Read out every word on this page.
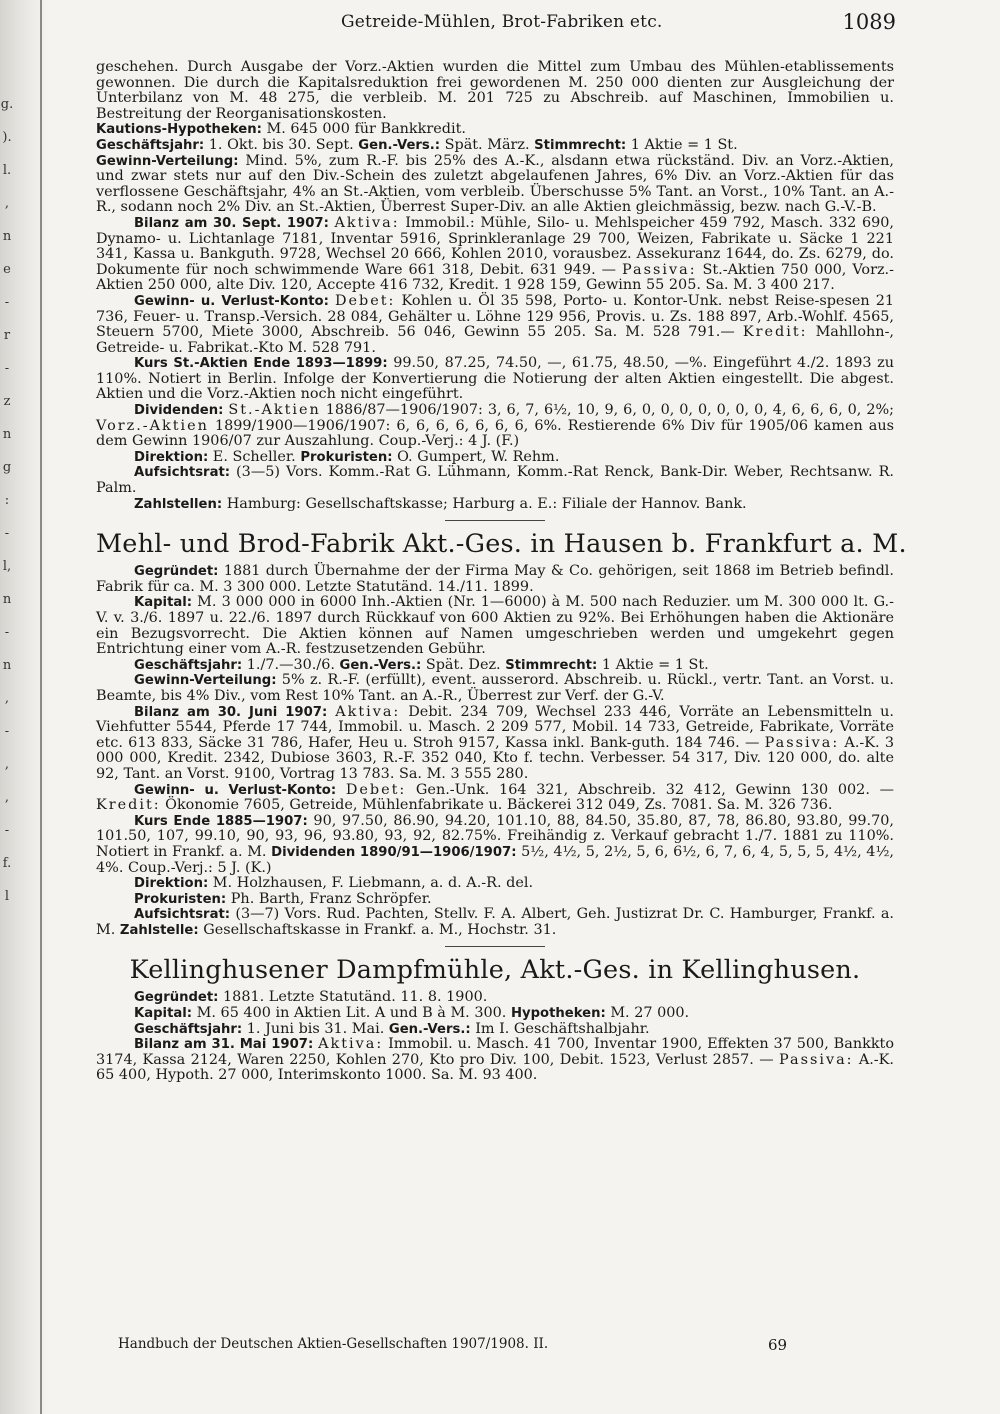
g.
).
l.
,
n
e
-
r
-
z
n
g
:
-
l,
n
-
n
,
-
,
,
-
f.
l
Getreide-Mühlen, Brot-Fabriken etc.	1089

geschehen. Durch Ausgabe der Vorz.-Aktien wurden die Mittel zum Umbau des Mühlen-etablissements gewonnen. Die durch die Kapitalsreduktion frei gewordenen M. 250 000 dienten zur Ausgleichung der Unterbilanz von M. 48 275, die verbleib. M. 201 725 zu Abschreib. auf Maschinen, Immobilien u. Bestreitung der Reorganisationskosten.

Kautions-Hypotheken: M. 645 000 für Bankkredit.

Geschäftsjahr: 1. Okt. bis 30. Sept. Gen.-Vers.: Spät. März. Stimmrecht: 1 Aktie = 1 St.

Gewinn-Verteilung: Mind. 5%, zum R.-F. bis 25% des A.-K., alsdann etwa rückständ. Div. an Vorz.-Aktien, und zwar stets nur auf den Div.-Schein des zuletzt abgelaufenen Jahres, 6% Div. an Vorz.-Aktien für das verflossene Geschäftsjahr, 4% an St.-Aktien, vom verbleib. Überschusse 5% Tant. an Vorst., 10% Tant. an A.-R., sodann noch 2% Div. an St.-Aktien, Überrest Super-Div. an alle Aktien gleichmässig, bezw. nach G.-V.-B.

Bilanz am 30. Sept. 1907: Aktiva: Immobil.: Mühle, Silo- u. Mehlspeicher 459 792, Masch. 332 690, Dynamo- u. Lichtanlage 7181, Inventar 5916, Sprinkleranlage 29 700, Weizen, Fabrikate u. Säcke 1 221 341, Kassa u. Bankguth. 9728, Wechsel 20 666, Kohlen 2010, vorausbez. Assekuranz 1644, do. Zs. 6279, do. Dokumente für noch schwimmende Ware 661 318, Debit. 631 949. — Passiva: St.-Aktien 750 000, Vorz.-Aktien 250 000, alte Div. 120, Accepte 416 732, Kredit. 1 928 159, Gewinn 55 205. Sa. M. 3 400 217.

Gewinn- u. Verlust-Konto: Debet: Kohlen u. Öl 35 598, Porto- u. Kontor-Unk. nebst Reise-spesen 21 736, Feuer- u. Transp.-Versich. 28 084, Gehälter u. Löhne 129 956, Provis. u. Zs. 188 897, Arb.-Wohlf. 4565, Steuern 5700, Miete 3000, Abschreib. 56 046, Gewinn 55 205. Sa. M. 528 791.— Kredit: Mahllohn-, Getreide- u. Fabrikat.-Kto M. 528 791.

Kurs St.-Aktien Ende 1893—1899: 99.50, 87.25, 74.50, —, 61.75, 48.50, —%. Eingeführt 4./2. 1893 zu 110%. Notiert in Berlin. Infolge der Konvertierung die Notierung der alten Aktien eingestellt. Die abgest. Aktien und die Vorz.-Aktien noch nicht eingeführt.

Dividenden: St.-Aktien 1886/87—1906/1907: 3, 6, 7, 6½, 10, 9, 6, 0, 0, 0, 0, 0, 0, 0, 4, 6, 6, 6, 0, 2%; Vorz.-Aktien 1899/1900—1906/1907: 6, 6, 6, 6, 6, 6, 6, 6%. Restierende 6% Div für 1905/06 kamen aus dem Gewinn 1906/07 zur Auszahlung. Coup.-Verj.: 4 J. (F.)

Direktion: E. Scheller. Prokuristen: O. Gumpert, W. Rehm.

Aufsichtsrat: (3—5) Vors. Komm.-Rat G. Lühmann, Komm.-Rat Renck, Bank-Dir. Weber, Rechtsanw. R. Palm.

Zahlstellen: Hamburg: Gesellschaftskasse; Harburg a. E.: Filiale der Hannov. Bank.

Mehl- und Brod-Fabrik Akt.-Ges. in Hausen b. Frankfurt a. M.

Gegründet: 1881 durch Übernahme der der Firma May & Co. gehörigen, seit 1868 im Betrieb befindl. Fabrik für ca. M. 3 300 000. Letzte Statutänd. 14./11. 1899.

Kapital: M. 3 000 000 in 6000 Inh.-Aktien (Nr. 1—6000) à M. 500 nach Reduzier. um M. 300 000 lt. G.-V. v. 3./6. 1897 u. 22./6. 1897 durch Rückkauf von 600 Aktien zu 92%. Bei Erhöhungen haben die Aktionäre ein Bezugsvorrecht. Die Aktien können auf Namen umgeschrieben werden und umgekehrt gegen Entrichtung einer vom A.-R. festzusetzenden Gebühr.

Geschäftsjahr: 1./7.—30./6. Gen.-Vers.: Spät. Dez. Stimmrecht: 1 Aktie = 1 St.

Gewinn-Verteilung: 5% z. R.-F. (erfüllt), event. ausserord. Abschreib. u. Rückl., vertr. Tant. an Vorst. u. Beamte, bis 4% Div., vom Rest 10% Tant. an A.-R., Überrest zur Verf. der G.-V.

Bilanz am 30. Juni 1907: Aktiva: Debit. 234 709, Wechsel 233 446, Vorräte an Lebensmitteln u. Viehfutter 5544, Pferde 17 744, Immobil. u. Masch. 2 209 577, Mobil. 14 733, Getreide, Fabrikate, Vorräte etc. 613 833, Säcke 31 786, Hafer, Heu u. Stroh 9157, Kassa inkl. Bank-guth. 184 746. — Passiva: A.-K. 3 000 000, Kredit. 2342, Dubiose 3603, R.-F. 352 040, Kto f. techn. Verbesser. 54 317, Div. 120 000, do. alte 92, Tant. an Vorst. 9100, Vortrag 13 783. Sa. M. 3 555 280.

Gewinn- u. Verlust-Konto: Debet: Gen.-Unk. 164 321, Abschreib. 32 412, Gewinn 130 002. — Kredit: Ökonomie 7605, Getreide, Mühlenfabrikate u. Bäckerei 312 049, Zs. 7081. Sa. M. 326 736.

Kurs Ende 1885—1907: 90, 97.50, 86.90, 94.20, 101.10, 88, 84.50, 35.80, 87, 78, 86.80, 93.80, 99.70, 101.50, 107, 99.10, 90, 93, 96, 93.80, 93, 92, 82.75%. Freihändig z. Verkauf gebracht 1./7. 1881 zu 110%. Notiert in Frankf. a. M. Dividenden 1890/91—1906/1907: 5½, 4½, 5, 2½, 5, 6, 6½, 6, 7, 6, 4, 5, 5, 5, 4½, 4½, 4%. Coup.-Verj.: 5 J. (K.)

Direktion: M. Holzhausen, F. Liebmann, a. d. A.-R. del.

Prokuristen: Ph. Barth, Franz Schröpfer.

Aufsichtsrat: (3—7) Vors. Rud. Pachten, Stellv. F. A. Albert, Geh. Justizrat Dr. C. Hamburger, Frankf. a. M. Zahlstelle: Gesellschaftskasse in Frankf. a. M., Hochstr. 31.

Kellinghusener Dampfmühle, Akt.-Ges. in Kellinghusen.

Gegründet: 1881. Letzte Statutänd. 11. 8. 1900.

Kapital: M. 65 400 in Aktien Lit. A und B à M. 300. Hypotheken: M. 27 000.

Geschäftsjahr: 1. Juni bis 31. Mai. Gen.-Vers.: Im I. Geschäftshalbjahr.

Bilanz am 31. Mai 1907: Aktiva: Immobil. u. Masch. 41 700, Inventar 1900, Effekten 37 500, Bankkto 3174, Kassa 2124, Waren 2250, Kohlen 270, Kto pro Div. 100, Debit. 1523, Verlust 2857. — Passiva: A.-K. 65 400, Hypoth. 27 000, Interimskonto 1000. Sa. M. 93 400.

Handbuch der Deutschen Aktien-Gesellschaften 1907/1908. II.	69
